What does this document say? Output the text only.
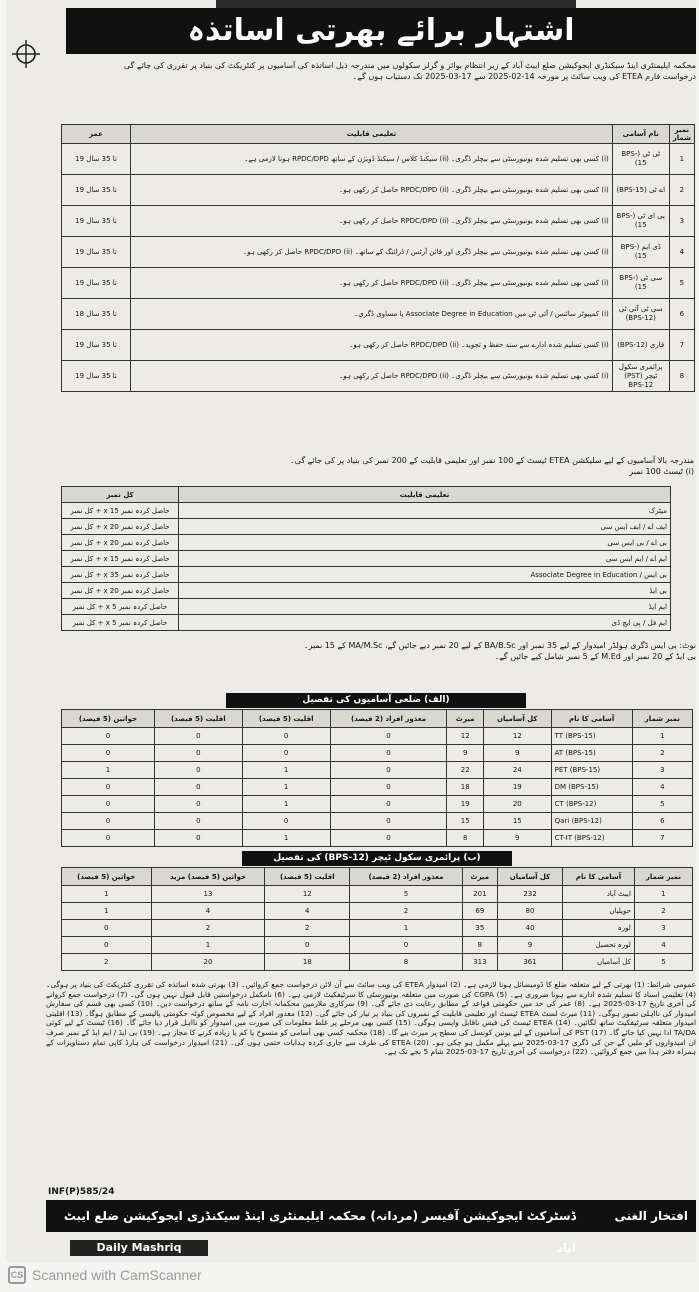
اشتہار برائے بھرتی اساتذہ

محکمہ ایلیمنٹری اینڈ سیکنڈری ایجوکیشن ضلع ایبٹ آباد کے زیر انتظام بوائز و گرلز سکولوں میں مندرجہ ذیل اساتذہ کی آسامیوں پر کنٹریکٹ کی بنیاد پر تقرری کی جائے گی

درخواست فارم ETEA کی ویب سائٹ پر مورخہ 14-02-2025 سے 17-03-2025 تک دستیاب ہوں گے۔

عمر	تعلیمی قابلیت	نام آسامی	نمبر شمار
19 تا 35 سال	(i) کسی بھی تسلیم شدہ یونیورسٹی سے بیچلر ڈگری۔ (ii) سیکنڈ کلاس / سیکنڈ ڈویژن کے ساتھ RPDC/DPD ہونا لازمی ہے۔	ٹی ٹی (BPS-15)	1
19 تا 35 سال	(i) کسی بھی تسلیم شدہ یونیورسٹی سے بیچلر ڈگری۔ (ii) RPDC/DPD حاصل کر رکھی ہو۔	اے ٹی (BPS-15)	2
19 تا 35 سال	(i) کسی بھی تسلیم شدہ یونیورسٹی سے بیچلر ڈگری۔ (ii) RPDC/DPD حاصل کر رکھی ہو۔	پی ای ٹی (BPS-15)	3
19 تا 35 سال	(i) کسی بھی تسلیم شدہ یونیورسٹی سے بیچلر ڈگری اور فائن آرٹس / ڈرائنگ کے ساتھ۔ (ii) RPDC/DPD حاصل کر رکھی ہو۔	ڈی ایم (BPS-15)	4
19 تا 35 سال	(i) کسی بھی تسلیم شدہ یونیورسٹی سے بیچلر ڈگری۔ (ii) RPDC/DPD حاصل کر رکھی ہو۔	سی ٹی (BPS-15)	5
18 تا 35 سال	(i) کمپیوٹر سائنس / آئی ٹی میں Associate Degree in Education یا مساوی ڈگری۔	سی ٹی آئی ٹی (BPS-12)	6
19 تا 35 سال	(i) کسی تسلیم شدہ ادارے سے سند حفظ و تجوید۔ (ii) RPDC/DPD حاصل کر رکھی ہو۔	قاری (BPS-12)	7
19 تا 35 سال	(i) کسی بھی تسلیم شدہ یونیورسٹی سے بیچلر ڈگری۔ (ii) RPDC/DPD حاصل کر رکھی ہو۔	پرائمری سکول ٹیچر (PST) BPS-12	8

مندرجہ بالا آسامیوں کے لیے سلیکشن ETEA ٹیسٹ کے 100 نمبر اور تعلیمی قابلیت کے 200 نمبر کی بنیاد پر کی جائے گی۔

(i) ٹیسٹ 100 نمبر

کل نمبر	تعلیمی قابلیت
حاصل کردہ نمبر x 15 ÷ کل نمبر	میٹرک
حاصل کردہ نمبر x 20 ÷ کل نمبر	ایف اے / ایف ایس سی
حاصل کردہ نمبر x 20 ÷ کل نمبر	بی اے / بی ایس سی
حاصل کردہ نمبر x 15 ÷ کل نمبر	ایم اے / ایم ایس سی
حاصل کردہ نمبر x 35 ÷ کل نمبر	بی ایس / Associate Degree in Education
حاصل کردہ نمبر x 20 ÷ کل نمبر	بی ایڈ
حاصل کردہ نمبر x 5 ÷ کل نمبر	ایم ایڈ
حاصل کردہ نمبر x 5 ÷ کل نمبر	ایم فل / پی ایچ ڈی

نوٹ: بی ایس ڈگری ہولڈر امیدوار کے لیے 35 نمبر اور BA/B.Sc کے لیے 20 نمبر دیے جائیں گے، MA/M.Sc کے 15 نمبر۔

بی ایڈ کے 20 نمبر اور M.Ed کے 5 نمبر شامل کیے جائیں گے۔

(الف) ضلعی آسامیوں کی تفصیل
خواتین (5 فیصد)	اقلیت (5 فیصد)	اقلیت (5 فیصد)	معذور افراد (2 فیصد)	میرٹ	کل آسامیاں	آسامی کا نام	نمبر شمار
0	0	0	0	12	12	TT (BPS-15)	1
0	0	0	0	9	9	AT (BPS-15)	2
1	0	1	0	22	24	PET (BPS-15)	3
0	0	1	0	18	19	DM (BPS-15)	4
0	0	1	0	19	20	CT (BPS-12)	5
0	0	0	0	15	15	Qari (BPS-12)	6
0	0	1	0	8	9	CT-IT (BPS-12)	7
(ب) پرائمری سکول ٹیچر (BPS-12) کی تفصیل
خواتین (5 فیصد)	خواتین (5 فیصد) مزید	اقلیت (5 فیصد)	معذور افراد (2 فیصد)	میرٹ	کل آسامیاں	آسامی کا نام	نمبر شمار
1	13	12	5	201	232	ایبٹ آباد	1
1	4	4	2	69	80	حویلیاں	2
0	2	2	1	35	40	لورہ	3
0	1	0	0	8	9	لورہ تحصیل	4
2	20	18	8	313	361	کل آسامیاں	5
عمومی شرائط: (1) بھرتی کے لیے متعلقہ ضلع کا ڈومیسائل ہونا لازمی ہے۔ (2) امیدوار ETEA کی ویب سائٹ سے آن لائن درخواست جمع کروائیں۔ (3) بھرتی شدہ اساتذہ کی تقرری کنٹریکٹ کی بنیاد پر ہوگی۔ (4) تعلیمی اسناد کا تسلیم شدہ ادارے سے ہونا ضروری ہے۔ (5) CGPA کی صورت میں متعلقہ یونیورسٹی کا سرٹیفکیٹ لازمی ہے۔ (6) نامکمل درخواستیں قابل قبول نہیں ہوں گی۔ (7) درخواست جمع کروانے کی آخری تاریخ 17-03-2025 ہے۔ (8) عمر کی حد میں حکومتی قواعد کے مطابق رعایت دی جائے گی۔ (9) سرکاری ملازمین محکمانہ اجازت نامہ کے ساتھ درخواست دیں۔ (10) کسی بھی قسم کی سفارش امیدوار کی نااہلی تصور ہوگی۔ (11) میرٹ لسٹ ETEA ٹیسٹ اور تعلیمی قابلیت کے نمبروں کی بنیاد پر تیار کی جائے گی۔ (12) معذور افراد کے لیے مخصوص کوٹہ حکومتی پالیسی کے مطابق ہوگا۔ (13) اقلیتی امیدوار متعلقہ سرٹیفکیٹ ساتھ لگائیں۔ (14) ETEA ٹیسٹ کی فیس ناقابل واپسی ہوگی۔ (15) کسی بھی مرحلے پر غلط معلومات کی صورت میں امیدوار کو نااہل قرار دیا جائے گا۔ (16) ٹیسٹ کے لیے کوئی TA/DA ادا نہیں کیا جائے گا۔ (17) PST کی آسامیوں کے لیے یونین کونسل کی سطح پر میرٹ بنے گا۔ (18) محکمہ کسی بھی آسامی کو منسوخ یا کم یا زیادہ کرنے کا مجاز ہے۔ (19) بی ایڈ / ایم ایڈ کے نمبر صرف ان امیدواروں کو ملیں گے جن کی ڈگری 17-03-2025 سے پہلے مکمل ہو چکی ہو۔ (20) ETEA کی طرف سے جاری کردہ ہدایات حتمی ہوں گی۔ (21) امیدوار درخواست کی ہارڈ کاپی تمام دستاویزات کے ہمراہ دفتر ہذا میں جمع کروائیں۔ (22) درخواست کی آخری تاریخ 17-03-2025 شام 5 بجے تک ہے۔
INF(P)585/24
افتخار الغنی
ڈسٹرکٹ ایجوکیشن آفیسر (مردانہ) محکمہ ایلیمنٹری اینڈ سیکنڈری ایجوکیشن ضلع ایبٹ آباد
Daily Mashriq
CS Scanned with CamScanner
